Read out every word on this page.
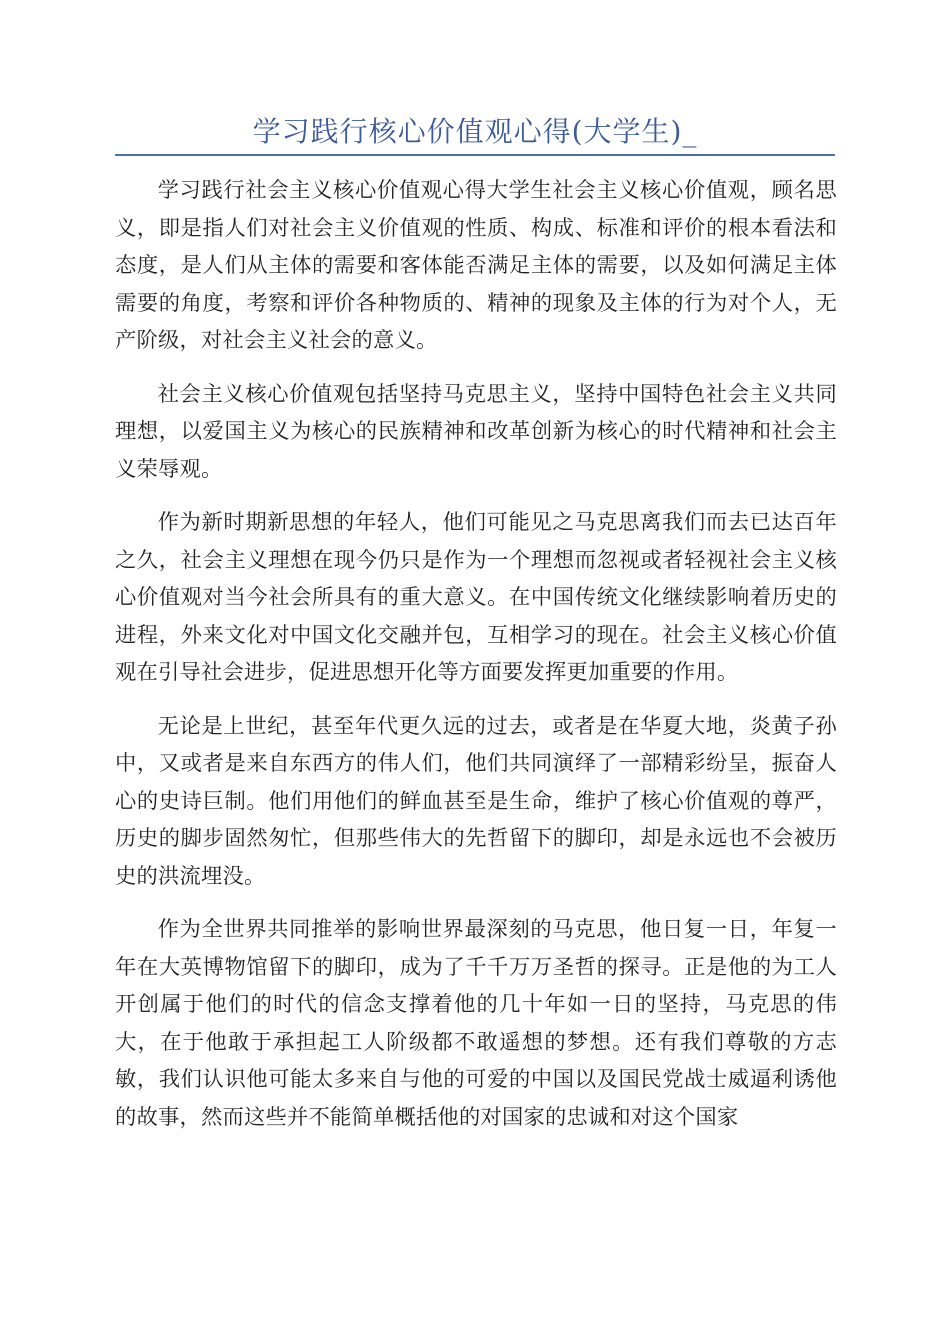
学习践行核心价值观心得(大学生)_

学习践行社会主义核心价值观心得大学生社会主义核心价值观，顾名思义，即是指人们对社会主义价值观的性质、构成、标准和评价的根本看法和态度，是人们从主体的需要和客体能否满足主体的需要，以及如何满足主体需要的角度，考察和评价各种物质的、精神的现象及主体的行为对个人，无产阶级，对社会主义社会的意义。

社会主义核心价值观包括坚持马克思主义，坚持中国特色社会主义共同理想，以爱国主义为核心的民族精神和改革创新为核心的时代精神和社会主义荣辱观。

作为新时期新思想的年轻人，他们可能见之马克思离我们而去已达百年之久，社会主义理想在现今仍只是作为一个理想而忽视或者轻视社会主义核心价值观对当今社会所具有的重大意义。在中国传统文化继续影响着历史的进程，外来文化对中国文化交融并包，互相学习的现在。社会主义核心价值观在引导社会进步，促进思想开化等方面要发挥更加重要的作用。

无论是上世纪，甚至年代更久远的过去，或者是在华夏大地，炎黄子孙中，又或者是来自东西方的伟人们，他们共同演绎了一部精彩纷呈，振奋人心的史诗巨制。他们用他们的鲜血甚至是生命，维护了核心价值观的尊严，历史的脚步固然匆忙，但那些伟大的先哲留下的脚印，却是永远也不会被历史的洪流埋没。

作为全世界共同推举的影响世界最深刻的马克思，他日复一日，年复一年在大英博物馆留下的脚印，成为了千千万万圣哲的探寻。正是他的为工人开创属于他们的时代的信念支撑着他的几十年如一日的坚持，马克思的伟大，在于他敢于承担起工人阶级都不敢遥想的梦想。还有我们尊敬的方志敏，我们认识他可能太多来自与他的可爱的中国以及国民党战士威逼利诱他的故事，然而这些并不能简单概括他的对国家的忠诚和对这个国家
